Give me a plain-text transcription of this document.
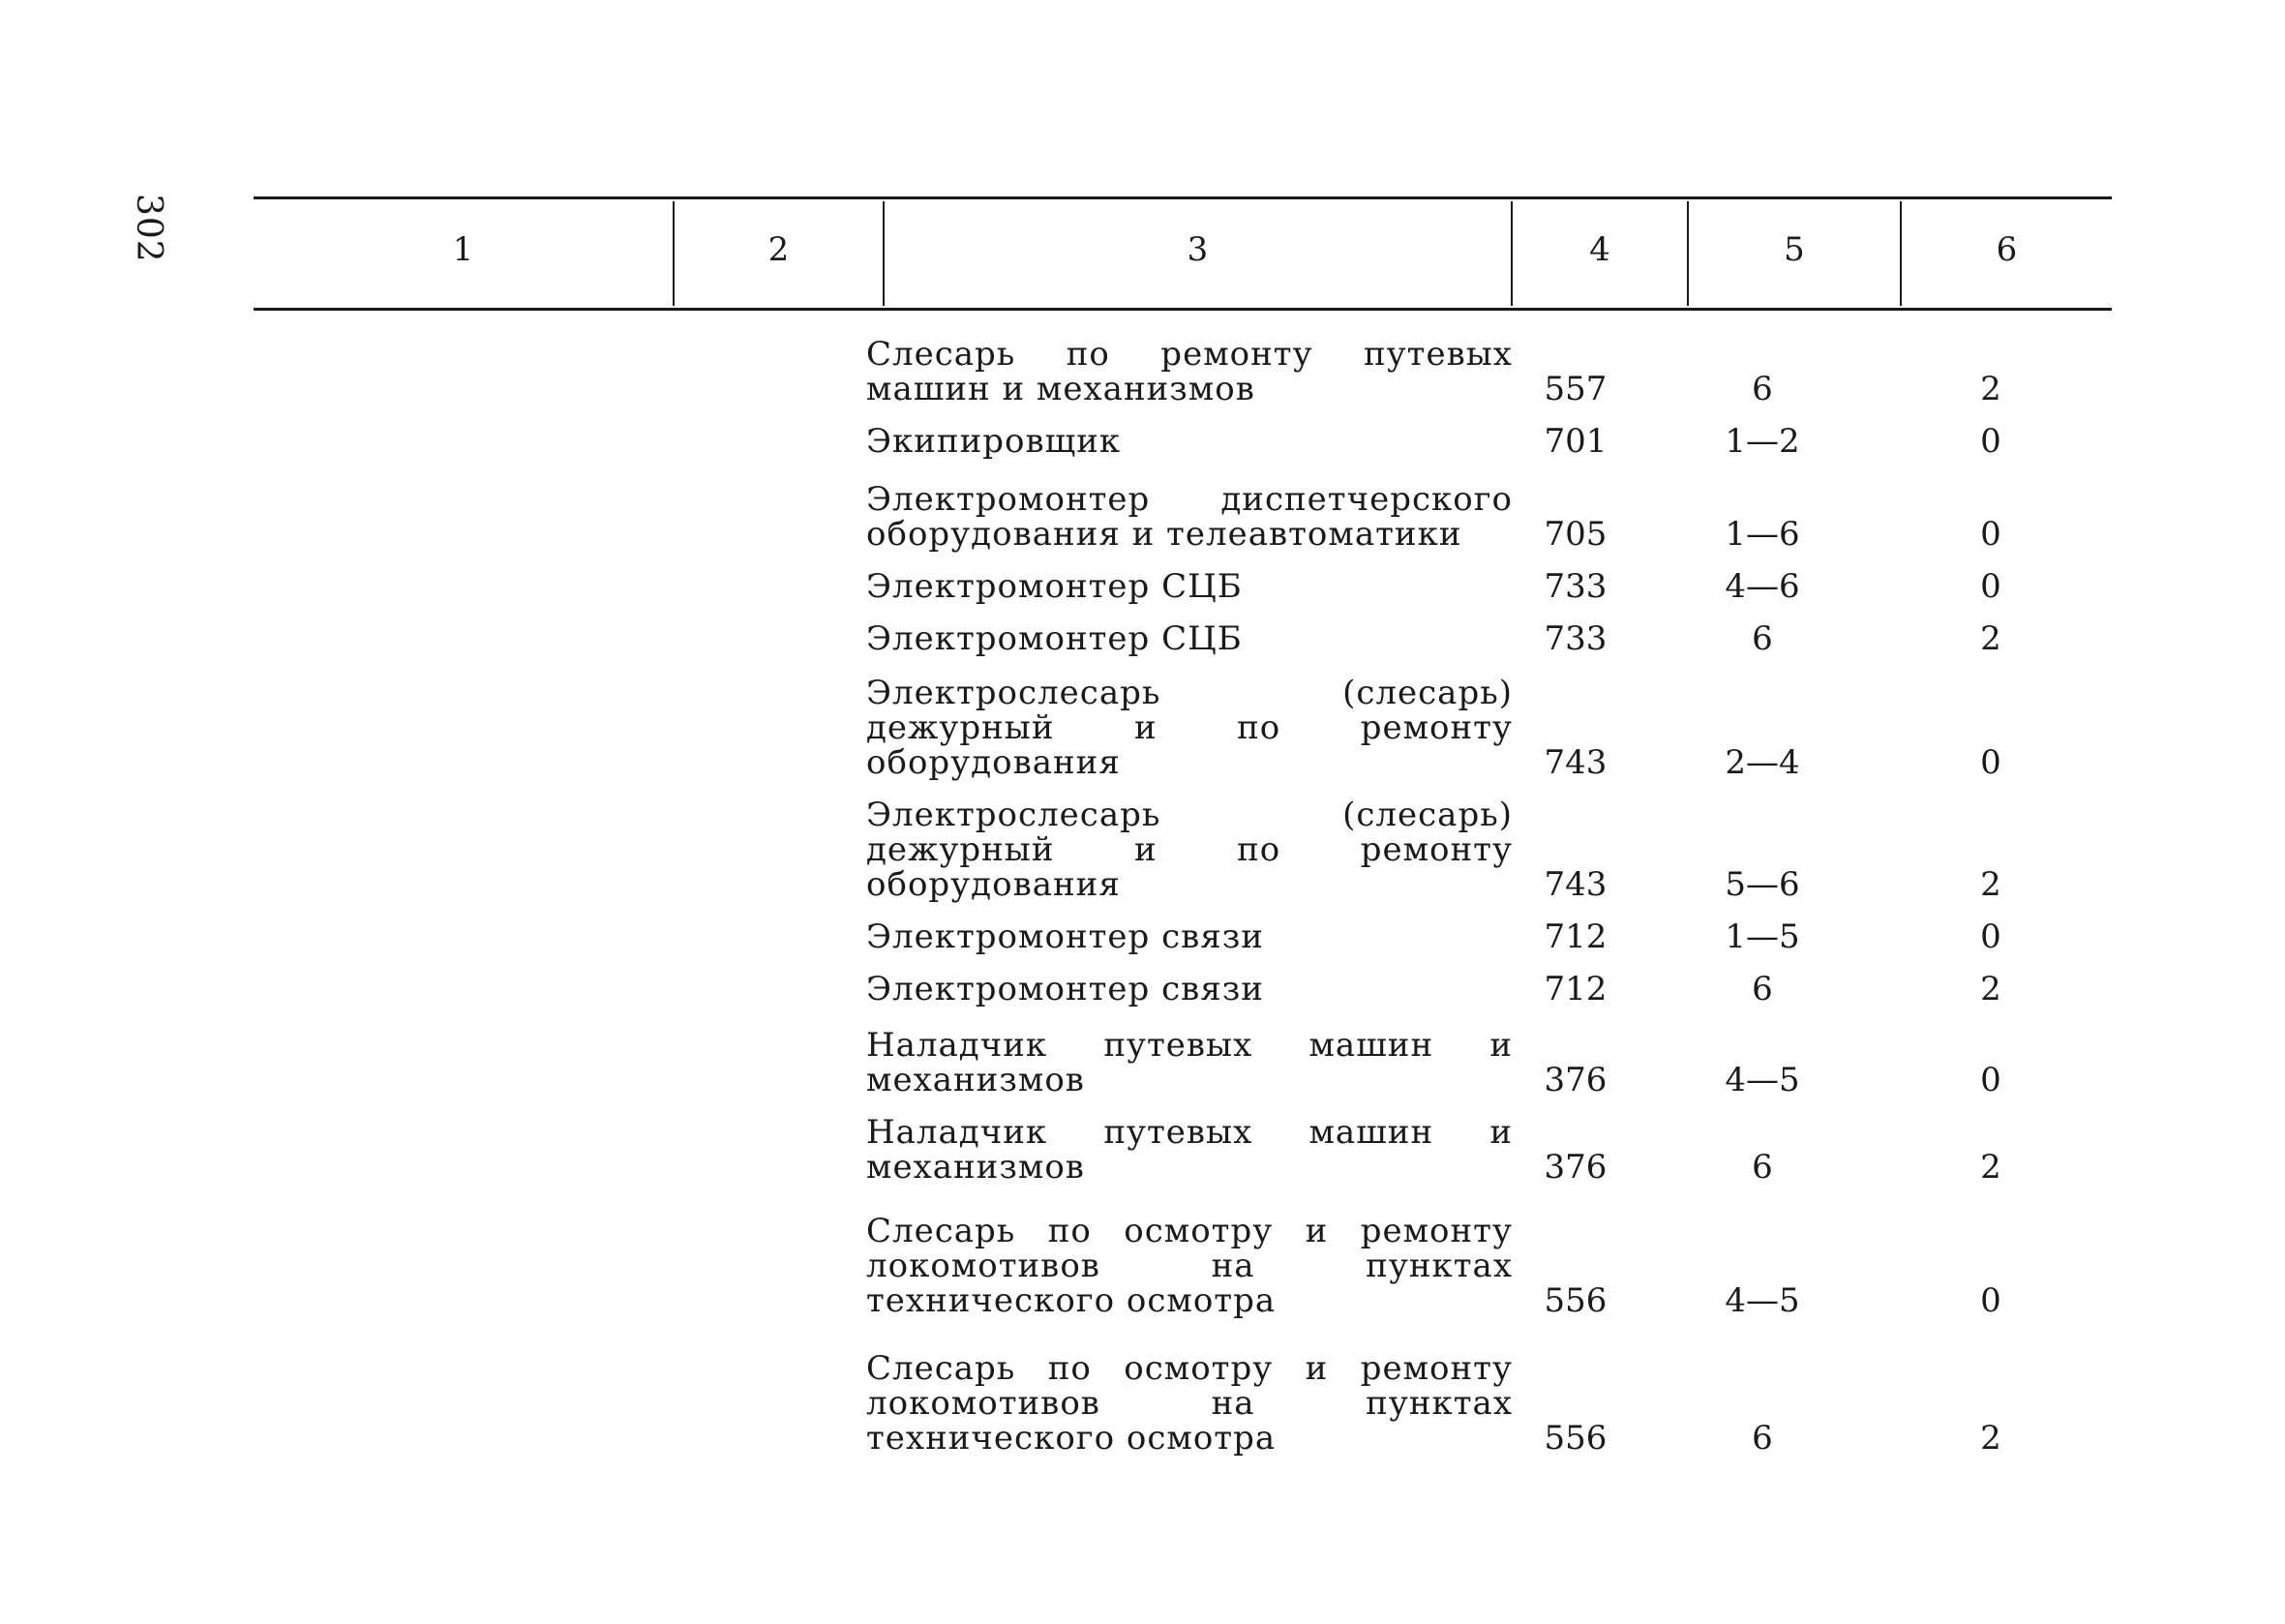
302	1	2	3	4	5	6
Слесарь по ремонту путевых машин и механизмов	557	6	2
Экипировщик	701	1—2	0
Электромонтер диспетчерского оборудования и телеавтоматики	705	1—6	0
Электромонтер СЦБ	733	4—6	0
Электромонтер СЦБ	733	6	2
Электрослесарь (слесарь) дежурный и по ремонту оборудования	743	2—4	0
Электрослесарь (слесарь) дежурный и по ремонту оборудования	743	5—6	2
Электромонтер связи	712	1—5	0
Электромонтер связи	712	6	2
Наладчик путевых машин и механизмов	376	4—5	0
Наладчик путевых машин и механизмов	376	6	2
Слесарь по осмотру и ремонту локомотивов на пунктах технического осмотра	556	4—5	0
Слесарь по осмотру и ремонту локомотивов на пунктах технического осмотра	556	6	2
